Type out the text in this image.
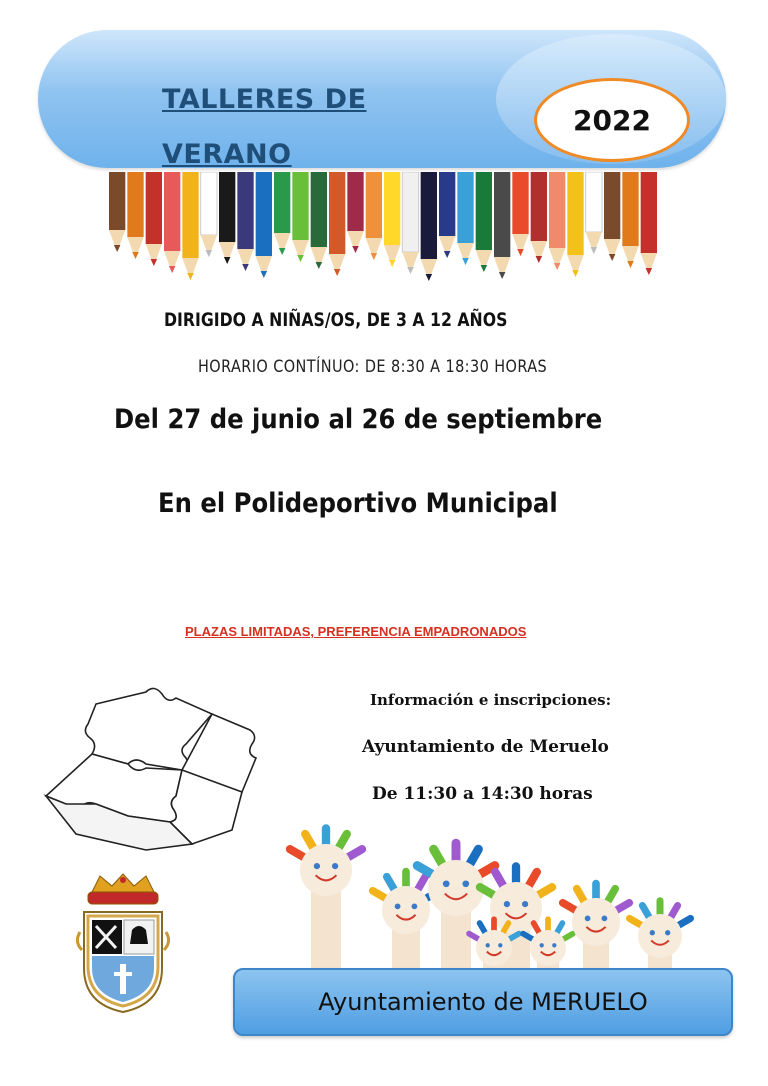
TALLERES DE
VERANO
2022
DIRIGIDO A NIÑAS/OS, DE 3 A 12 AÑOS
HORARIO CONTÍNUO: DE 8:30 A 18:30 HORAS
Del 27 de junio al 26 de septiembre
En el Polideportivo Municipal
PLAZAS LIMITADAS, PREFERENCIA EMPADRONADOS
Información e inscripciones:
Ayuntamiento de Meruelo
De 11:30 a 14:30 horas
Ayuntamiento de MERUELO
